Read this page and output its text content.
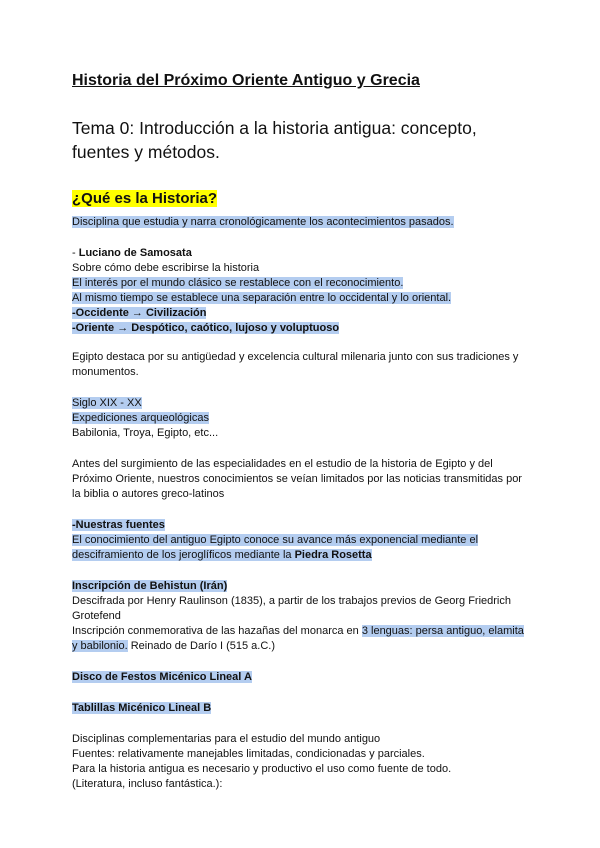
Historia del Próximo Oriente Antiguo y Grecia
Tema 0: Introducción a la historia antigua: concepto, fuentes y métodos.
¿Qué es la Historia?

Disciplina que estudia y narra cronológicamente los acontecimientos pasados.

- Luciano de Samosata

Sobre cómo debe escribirse la historia

El interés por el mundo clásico se restablece con el reconocimiento.

Al mismo tiempo se establece una separación entre lo occidental y lo oriental.

-Occidente → Civilización

-Oriente → Despótico, caótico, lujoso y voluptuoso

Egipto destaca por su antigüedad y excelencia cultural milenaria junto con sus tradiciones y monumentos.

Siglo XIX - XX

Expediciones arqueológicas

Babilonia, Troya, Egipto, etc...

Antes del surgimiento de las especialidades en el estudio de la historia de Egipto y del Próximo Oriente, nuestros conocimientos se veían limitados por las noticias transmitidas por la biblia o autores greco-latinos

-Nuestras fuentes

El conocimiento del antiguo Egipto conoce su avance más exponencial mediante el desciframiento de los jeroglíficos mediante la Piedra Rosetta

Inscripción de Behistun (Irán)

Descifrada por Henry Raulinson (1835), a partir de los trabajos previos de Georg Friedrich Grotefend

Inscripción conmemorativa de las hazañas del monarca en 3 lenguas: persa antiguo, elamita y babilonio. Reinado de Darío I (515 a.C.)

Disco de Festos Micénico Lineal A

Tablillas Micénico Lineal B

Disciplinas complementarias para el estudio del mundo antiguo

Fuentes: relativamente manejables limitadas, condicionadas y parciales.

Para la historia antigua es necesario y productivo el uso como fuente de todo.

(Literatura, incluso fantástica.):
